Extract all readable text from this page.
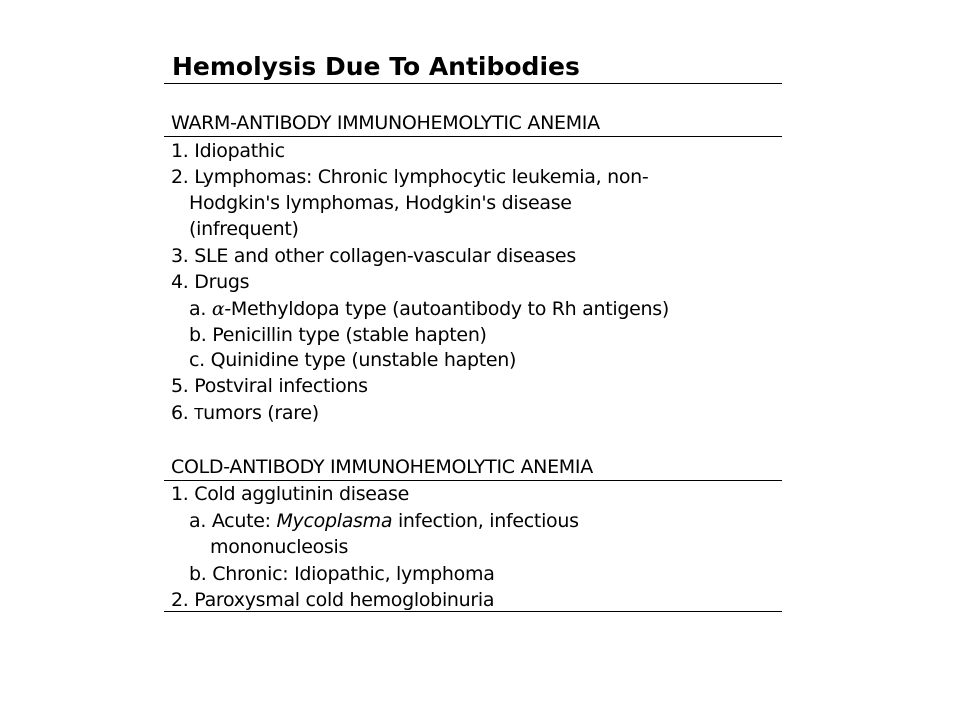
Hemolysis Due To Antibodies
WARM-ANTIBODY IMMUNOHEMOLYTIC ANEMIA
1. Idiopathic
2. Lymphomas: Chronic lymphocytic leukemia, non-
Hodgkin's lymphomas, Hodgkin's disease
(infrequent)
3. SLE and other collagen-vascular diseases
4. Drugs
a. α-Methyldopa type (autoantibody to Rh antigens)
b. Penicillin type (stable hapten)
c. Quinidine type (unstable hapten)
5. Postviral infections
6. Tumors (rare)
COLD-ANTIBODY IMMUNOHEMOLYTIC ANEMIA
1. Cold agglutinin disease
a. Acute: Mycoplasma infection, infectious
mononucleosis
b. Chronic: Idiopathic, lymphoma
2. Paroxysmal cold hemoglobinuria
